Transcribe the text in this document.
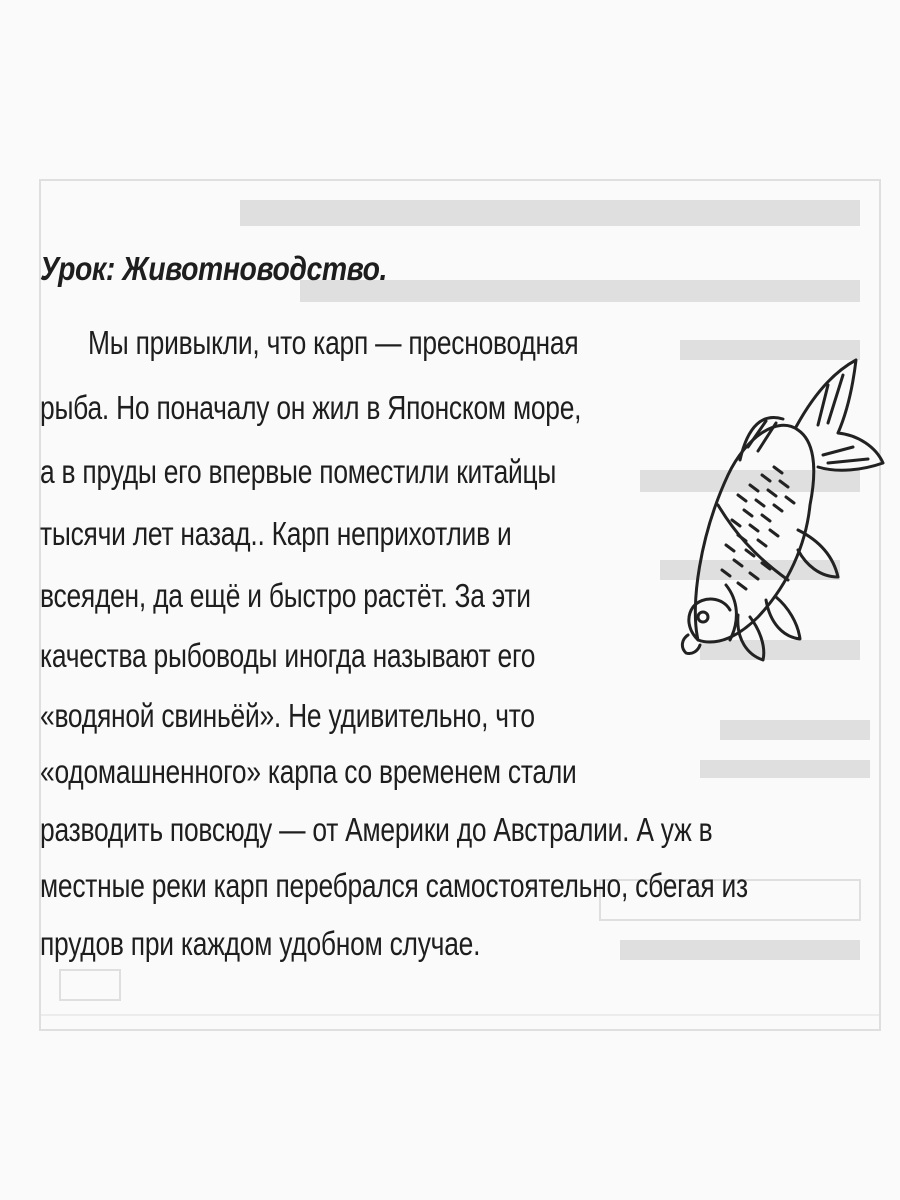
Урок: Животноводство.
Мы привыкли, что карп — пресноводная
рыба. Но поначалу он жил в Японском море,
а в пруды его впервые поместили китайцы
тысячи лет назад.. Карп неприхотлив и
всеяден, да ещё и быстро растёт. За эти
качества рыбоводы иногда называют его
«водяной свиньёй». Не удивительно, что
«одомашненного» карпа со временем стали
разводить повсюду — от Америки до Австралии. А уж в
местные реки карп перебрался самостоятельно, сбегая из
прудов при каждом удобном случае.
